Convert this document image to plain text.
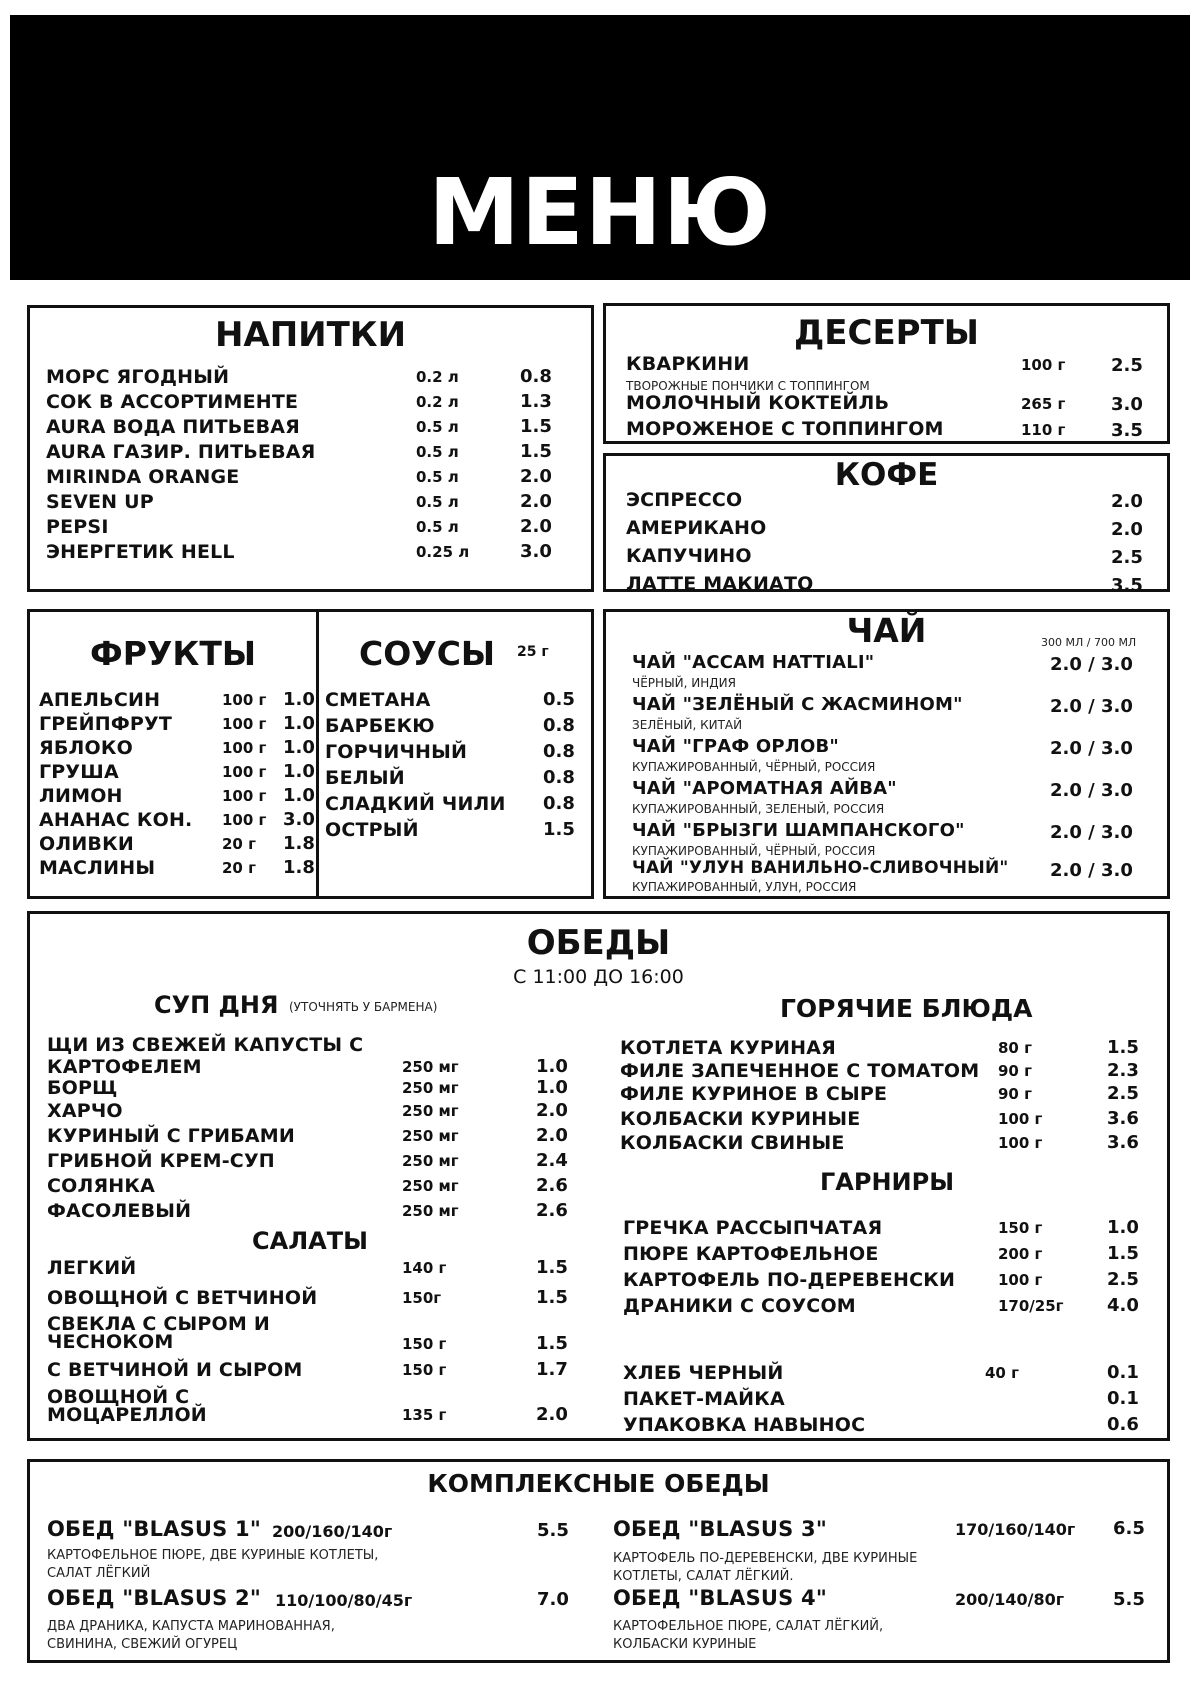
МЕНЮ
НАПИТКИ
МОРС ЯГОДНЫЙ	0.2 л	0.8
СОК В АССОРТИМЕНТЕ	0.2 л	1.3
AURA ВОДА ПИТЬЕВАЯ	0.5 л	1.5
AURA ГАЗИР. ПИТЬЕВАЯ	0.5 л	1.5
MIRINDA ORANGE	0.5 л	2.0
SEVEN UP	0.5 л	2.0
PEPSI	0.5 л	2.0
ЭНЕРГЕТИК HELL	0.25 л	3.0
ДЕСЕРТЫ
КВАРКИНИ	100 г	2.5
ТВОРОЖНЫЕ ПОНЧИКИ С ТОППИНГОМ
МОЛОЧНЫЙ КОКТЕЙЛЬ	265 г	3.0
МОРОЖЕНОЕ С ТОППИНГОМ	110 г	3.5
КОФЕ
ЭСПРЕССО	2.0
АМЕРИКАНО	2.0
КАПУЧИНО	2.5
ЛАТТЕ МАКИАТО	3.5
ФРУКТЫ
АПЕЛЬСИН	100 г 1.0
ГРЕЙПФРУТ	100 г 1.0
ЯБЛОКО	100 г 1.0
ГРУША	100 г 1.0
ЛИМОН	100 г 1.0
АНАНАС КОН. 100 г 3.0
ОЛИВКИ	20 г 1.8
МАСЛИНЫ	20 г 1.8
СОУСЫ 25 г
СМЕТАНА	0.5
БАРБЕКЮ	0.8
ГОРЧИЧНЫЙ	0.8
БЕЛЫЙ	0.8
СЛАДКИЙ ЧИЛИ 0.8
ОСТРЫЙ	1.5
ЧАЙ	300 МЛ / 700 МЛ
ЧАЙ "АССАМ HATTIALI"	2.0 / 3.0
ЧЁРНЫЙ, ИНДИЯ
ЧАЙ "ЗЕЛЁНЫЙ С ЖАСМИНОМ"	2.0 / 3.0
ЗЕЛЁНЫЙ, КИТАЙ
ЧАЙ "ГРАФ ОРЛОВ"	2.0 / 3.0
КУПАЖИРОВАННЫЙ, ЧЁРНЫЙ, РОССИЯ
ЧАЙ "АРОМАТНАЯ АЙВА"	2.0 / 3.0
КУПАЖИРОВАННЫЙ, ЗЕЛЕНЫЙ, РОССИЯ
ЧАЙ "БРЫЗГИ ШАМПАНСКОГО"	2.0 / 3.0
КУПАЖИРОВАННЫЙ, ЧЁРНЫЙ, РОССИЯ
ЧАЙ "УЛУН ВАНИЛЬНО-СЛИВОЧНЫЙ" 2.0 / 3.0
КУПАЖИРОВАННЫЙ, УЛУН, РОССИЯ
ОБЕДЫ
С 11:00 ДО 16:00
СУП ДНЯ (УТОЧНЯТЬ У БАРМЕНА)
ЩИ ИЗ СВЕЖЕЙ КАПУСТЫ С
КАРТОФЕЛЕМ	250 мг	1.0
БОРЩ	250 мг	1.0
ХАРЧО	250 мг	2.0
КУРИНЫЙ С ГРИБАМИ	250 мг	2.0
ГРИБНОЙ КРЕМ-СУП	250 мг	2.4
СОЛЯНКА	250 мг	2.6
ФАСОЛЕВЫЙ	250 мг	2.6
САЛАТЫ
ЛЕГКИЙ	140 г	1.5
ОВОЩНОЙ С ВЕТЧИНОЙ	150г	1.5
СВЕКЛА С СЫРОМ И
ЧЕСНОКОМ	150 г	1.5
С ВЕТЧИНОЙ И СЫРОМ	150 г	1.7
ОВОЩНОЙ С
МОЦАРЕЛЛОЙ	135 г	2.0
ГОРЯЧИЕ БЛЮДА
КОТЛЕТА КУРИНАЯ	80 г	1.5
ФИЛЕ ЗАПЕЧЕННОЕ С ТОМАТОМ 90 г	2.3
ФИЛЕ КУРИНОЕ В СЫРЕ	90 г	2.5
КОЛБАСКИ КУРИНЫЕ	100 г	3.6
КОЛБАСКИ СВИНЫЕ	100 г	3.6
ГАРНИРЫ
ГРЕЧКА РАССЫПЧАТАЯ	150 г	1.0
ПЮРЕ КАРТОФЕЛЬНОЕ	200 г	1.5
КАРТОФЕЛЬ ПО-ДЕРЕВЕНСКИ	100 г	2.5
ДРАНИКИ С СОУСОМ	170/25г 4.0
ХЛЕБ ЧЕРНЫЙ	40 г	0.1
ПАКЕТ-МАЙКА	0.1
УПАКОВКА НАВЫНОС	0.6
КОМПЛЕКСНЫЕ ОБЕДЫ
ОБЕД "BLASUS 1" 200/160/140г	5.5
КАРТОФЕЛЬНОЕ ПЮРЕ, ДВЕ КУРИНЫЕ КОТЛЕТЫ,
САЛАТ ЛЁГКИЙ
ОБЕД "BLASUS 2" 110/100/80/45г	7.0
ДВА ДРАНИКА, КАПУСТА МАРИНОВАННАЯ,
СВИНИНА, СВЕЖИЙ ОГУРЕЦ
ОБЕД "BLASUS 3"	170/160/140г 6.5
КАРТОФЕЛЬ ПО-ДЕРЕВЕНСКИ, ДВЕ КУРИНЫЕ
КОТЛЕТЫ, САЛАТ ЛЁГКИЙ.
ОБЕД "BLASUS 4"	200/140/80г	5.5
КАРТОФЕЛЬНОЕ ПЮРЕ, САЛАТ ЛЁГКИЙ,
КОЛБАСКИ КУРИНЫЕ
